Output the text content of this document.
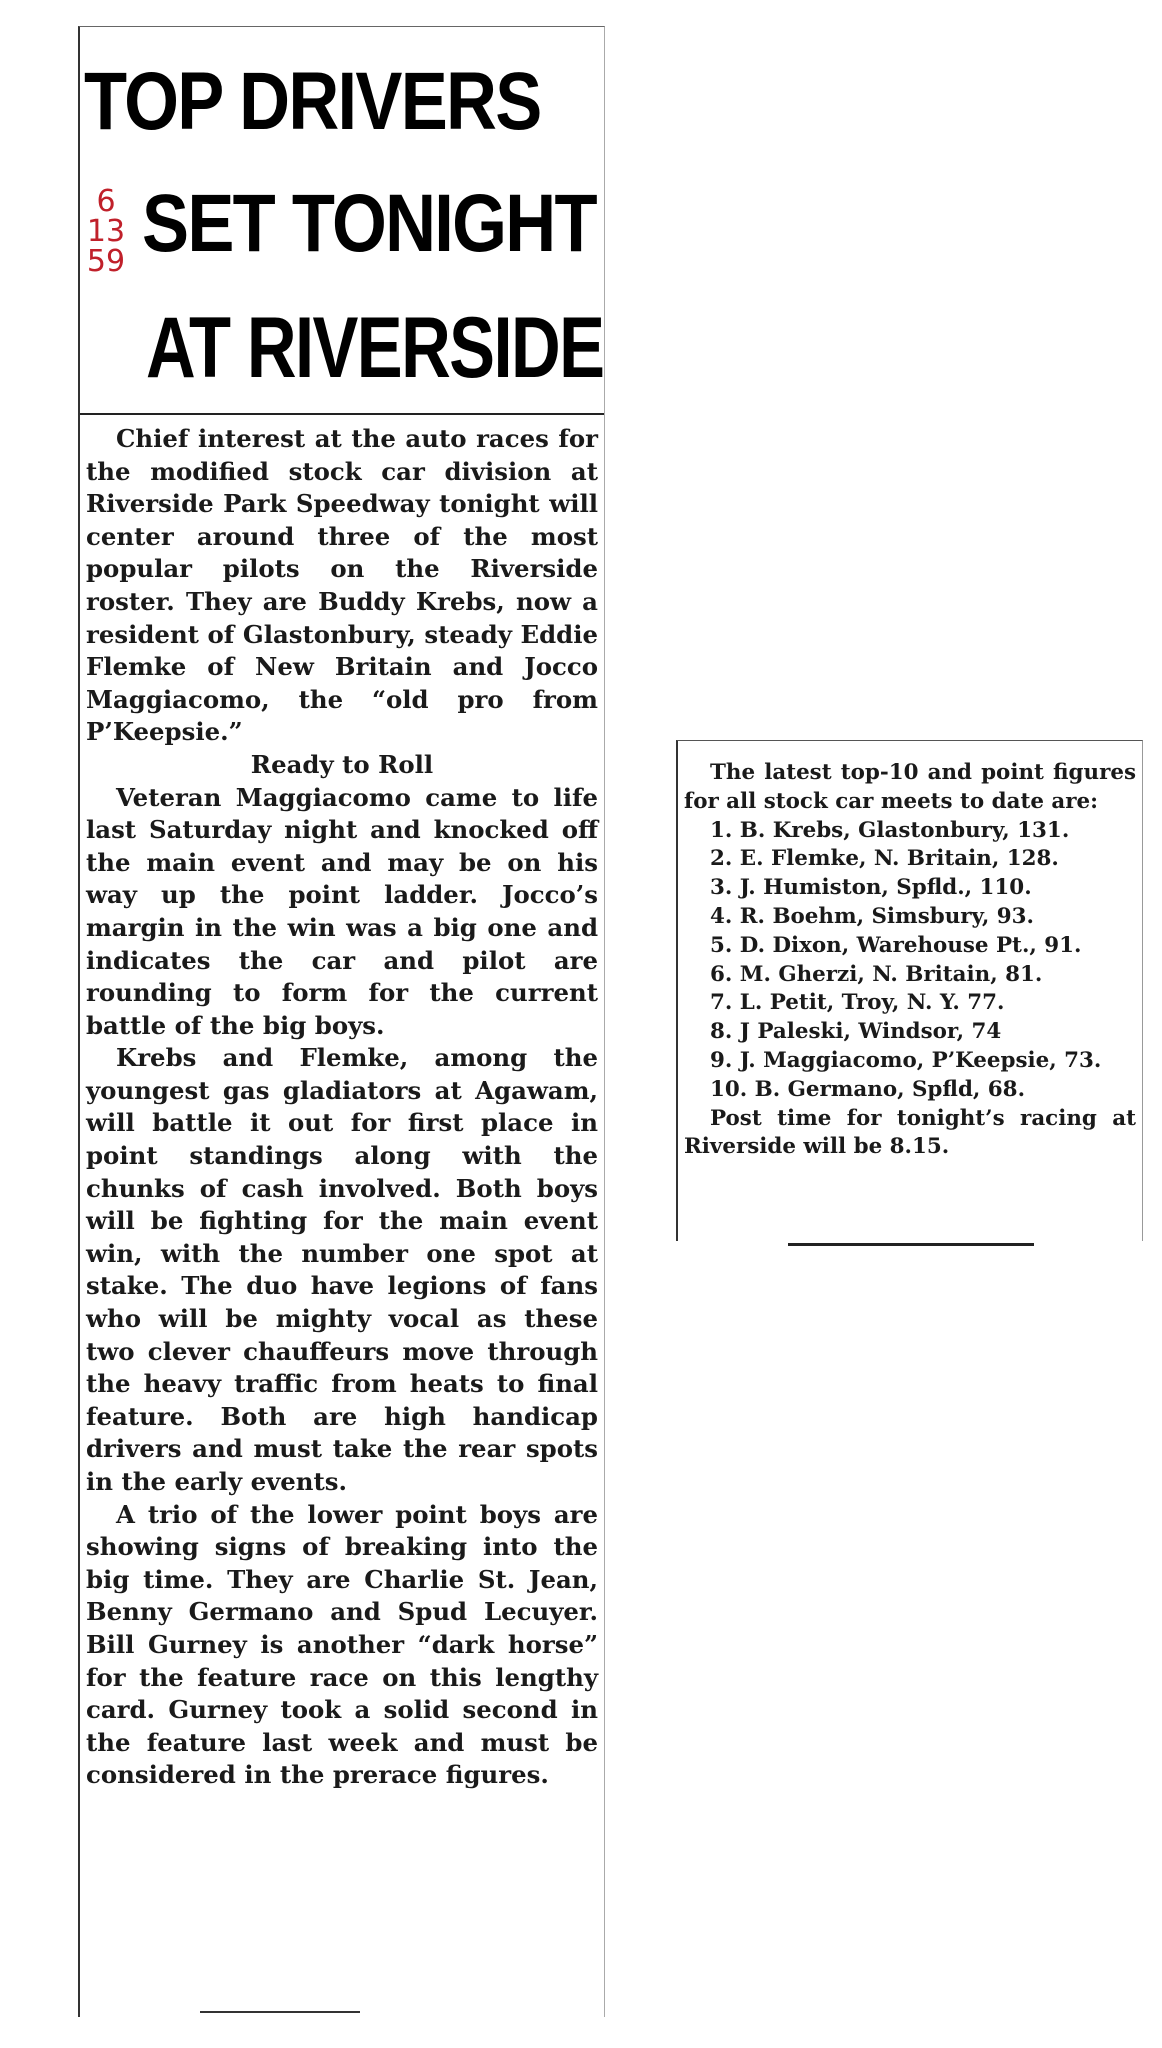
6
13
59
TOP DRIVERS
SET TONIGHT
AT RIVERSIDE

Chief interest at the auto races for the modified stock car division at Riverside Park Speedway tonight will center around three of the most popular pilots on the Riverside roster. They are Buddy Krebs, now a resident of Glastonbury, steady Eddie Flemke of New Britain and Jocco Maggiacomo, the “old pro from P’Keepsie.”

Ready to Roll

Veteran Maggiacomo came to life last Saturday night and knocked off the main event and may be on his way up the point ladder. Jocco’s margin in the win was a big one and indicates the car and pilot are rounding to form for the current battle of the big boys.

Krebs and Flemke, among the youngest gas gladiators at Agawam, will battle it out for first place in point standings along with the chunks of cash involved. Both boys will be fighting for the main event win, with the number one spot at stake. The duo have legions of fans who will be mighty vocal as these two clever chauffeurs move through the heavy traffic from heats to final feature. Both are high handicap drivers and must take the rear spots in the early events.

A trio of the lower point boys are showing signs of breaking into the big time. They are Charlie St. Jean, Benny Germano and Spud Lecuyer. Bill Gurney is another “dark horse” for the feature race on this lengthy card. Gurney took a solid second in the feature last week and must be considered in the prerace figures.

The latest top-10 and point figures for all stock car meets to date are:

1. B. Krebs, Glastonbury, 131.

2. E. Flemke, N. Britain, 128.

3. J. Humiston, Spfld., 110.

4. R. Boehm, Simsbury, 93.

5. D. Dixon, Warehouse Pt., 91.

6. M. Gherzi, N. Britain, 81.

7. L. Petit, Troy, N. Y. 77.

8. J Paleski, Windsor, 74

9. J. Maggiacomo, P’Keepsie, 73.

10. B. Germano, Spfld, 68.

Post time for tonight’s racing at Riverside will be 8.15.
